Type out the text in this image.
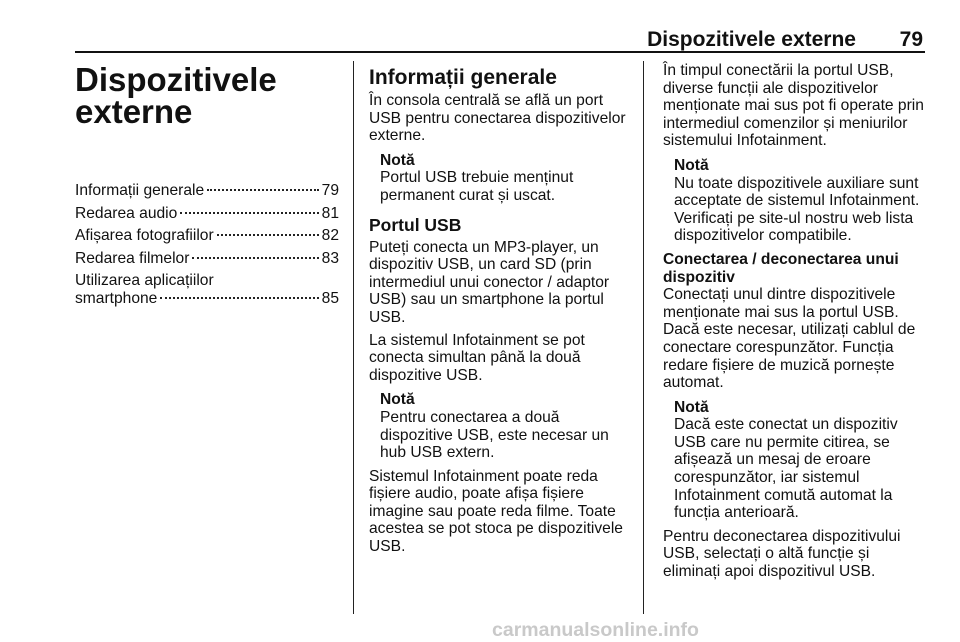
Dispozitivele externe 79
Dispozitivele
externe
Informații generale	79
Redarea audio	81
Afișarea fotografiilor	82
Redarea filmelor	83
Utilizarea aplicațiilor
smartphone	85
Informații generale

În consola centrală se află un port
USB pentru conectarea dispozitivelor
externe.

Notă
Portul USB trebuie menținut
permanent curat și uscat.
Portul USB

Puteți conecta un MP3-player, un
dispozitiv USB, un card SD (prin
intermediul unui conector / adaptor
USB) sau un smartphone la portul
USB.

La sistemul Infotainment se pot
conecta simultan până la două
dispozitive USB.

Notă
Pentru conectarea a două
dispozitive USB, este necesar un
hub USB extern.

Sistemul Infotainment poate reda
fișiere audio, poate afișa fișiere
imagine sau poate reda filme. Toate
acestea se pot stoca pe dispozitivele
USB.

În timpul conectării la portul USB,
diverse funcții ale dispozitivelor
menționate mai sus pot fi operate prin
intermediul comenzilor și meniurilor
sistemului Infotainment.

Notă
Nu toate dispozitivele auxiliare sunt
acceptate de sistemul Infotainment.
Verificați pe site-ul nostru web lista
dispozitivelor compatibile.
Conectarea / deconectarea unui
dispozitiv

Conectați unul dintre dispozitivele
menționate mai sus la portul USB.
Dacă este necesar, utilizați cablul de
conectare corespunzător. Funcția
redare fișiere de muzică pornește
automat.

Notă
Dacă este conectat un dispozitiv
USB care nu permite citirea, se
afișează un mesaj de eroare
corespunzător, iar sistemul
Infotainment comută automat la
funcția anterioară.

Pentru deconectarea dispozitivului
USB, selectați o altă funcție și
eliminați apoi dispozitivul USB.

carmanualsonline.info
